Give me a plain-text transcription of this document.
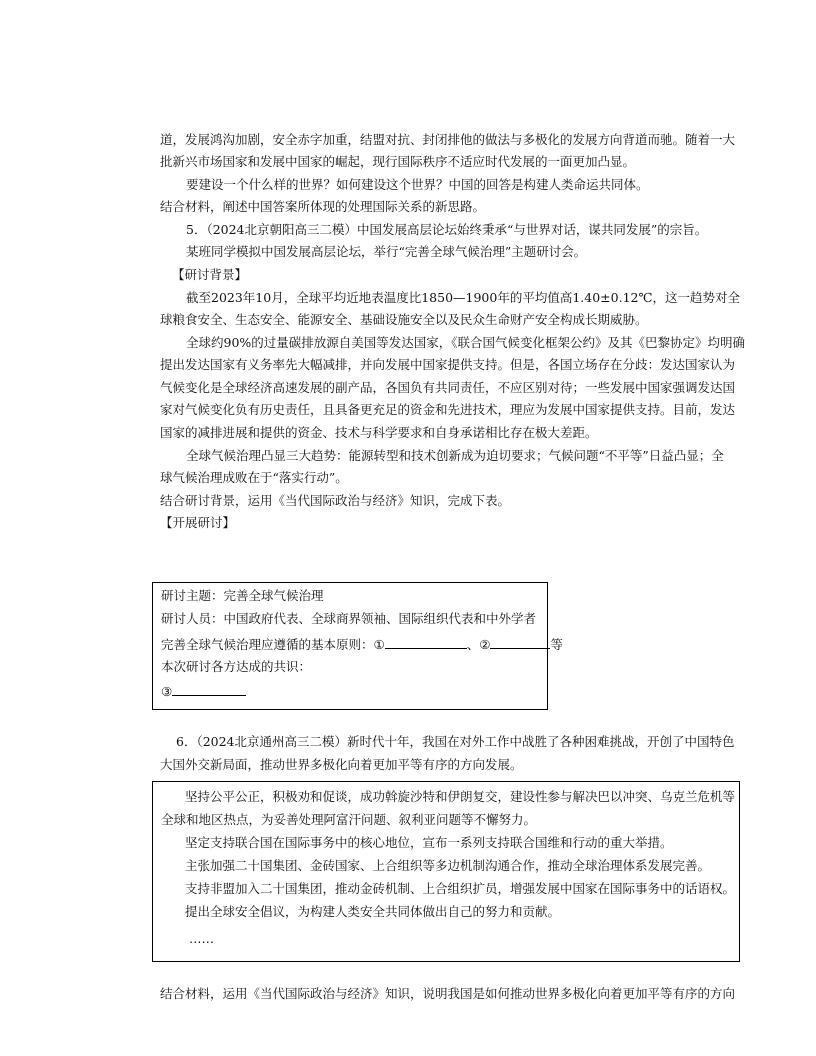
道，发展鸿沟加剧，安全赤字加重，结盟对抗、封闭排他的做法与多极化的发展方向背道而驰。随着一大
批新兴市场国家和发展中国家的崛起，现行国际秩序不适应时代发展的一面更加凸显。
要建设一个什么样的世界？如何建设这个世界？中国的回答是构建人类命运共同体。
结合材料，阐述中国答案所体现的处理国际关系的新思路。
5．（2024北京朝阳高三二模）中国发展高层论坛始终秉承“与世界对话，谋共同发展”的宗旨。
某班同学模拟中国发展高层论坛，举行“完善全球气候治理”主题研讨会。
【研讨背景】
截至2023年10月，全球平均近地表温度比1850—1900年的平均值高1.40±0.12℃，这一趋势对全
球粮食安全、生态安全、能源安全、基础设施安全以及民众生命财产安全构成长期威胁。
全球约90%的过量碳排放源自美国等发达国家，《联合国气候变化框架公约》及其《巴黎协定》均明确
提出发达国家有义务率先大幅减排，并向发展中国家提供支持。但是，各国立场存在分歧：发达国家认为
气候变化是全球经济高速发展的副产品，各国负有共同责任，不应区别对待；一些发展中国家强调发达国
家对气候变化负有历史责任，且具备更充足的资金和先进技术，理应为发展中国家提供支持。目前，发达
国家的减排进展和提供的资金、技术与科学要求和自身承诺相比存在极大差距。
全球气候治理凸显三大趋势：能源转型和技术创新成为迫切要求；气候问题“不平等”日益凸显；全
球气候治理成败在于“落实行动”。
结合研讨背景，运用《当代国际政治与经济》知识，完成下表。
【开展研讨】
研讨主题：完善全球气候治理
研讨人员：中国政府代表、全球商界领袖、国际组织代表和中外学者
完善全球气候治理应遵循的基本原则：①	、②	等
本次研讨各方达成的共识：
③
6．（2024北京通州高三二模）新时代十年，我国在对外工作中战胜了各种困难挑战，开创了中国特色
大国外交新局面，推动世界多极化向着更加平等有序的方向发展。
坚持公平公正，积极劝和促谈，成功斡旋沙特和伊朗复交，建设性参与解决巴以冲突、乌克兰危机等
全球和地区热点，为妥善处理阿富汗问题、叙利亚问题等不懈努力。
坚定支持联合国在国际事务中的核心地位，宣布一系列支持联合国维和行动的重大举措。
主张加强二十国集团、金砖国家、上合组织等多边机制沟通合作，推动全球治理体系发展完善。
支持非盟加入二十国集团，推动金砖机制、上合组织扩员，增强发展中国家在国际事务中的话语权。
提出全球安全倡议，为构建人类安全共同体做出自己的努力和贡献。
……
结合材料，运用《当代国际政治与经济》知识，说明我国是如何推动世界多极化向着更加平等有序的方向
